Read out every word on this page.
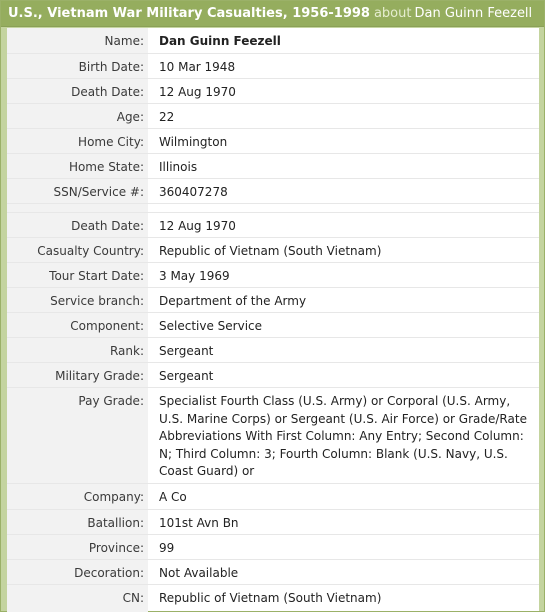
U.S., Vietnam War Military Casualties, 1956-1998 about Dan Guinn Feezell
Name:	Dan Guinn Feezell
Birth Date:	10 Mar 1948
Death Date:	12 Aug 1970
Age:	22
Home City:	Wilmington
Home State:	Illinois
SSN/Service #:	360407278
Death Date:	12 Aug 1970
Casualty Country:	Republic of Vietnam (South Vietnam)
Tour Start Date:	3 May 1969
Service branch:	Department of the Army
Component:	Selective Service
Rank:	Sergeant
Military Grade:	Sergeant
Pay Grade:	Specialist Fourth Class (U.S. Army) or Corporal (U.S. Army, U.S. Marine Corps) or Sergeant (U.S. Air Force) or Grade/Rate Abbreviations With First Column: Any Entry; Second Column: N; Third Column: 3; Fourth Column: Blank (U.S. Navy, U.S. Coast Guard) or
Company:	A Co
Batallion:	101st Avn Bn
Province:	99
Decoration:	Not Available
CN:	Republic of Vietnam (South Vietnam)
